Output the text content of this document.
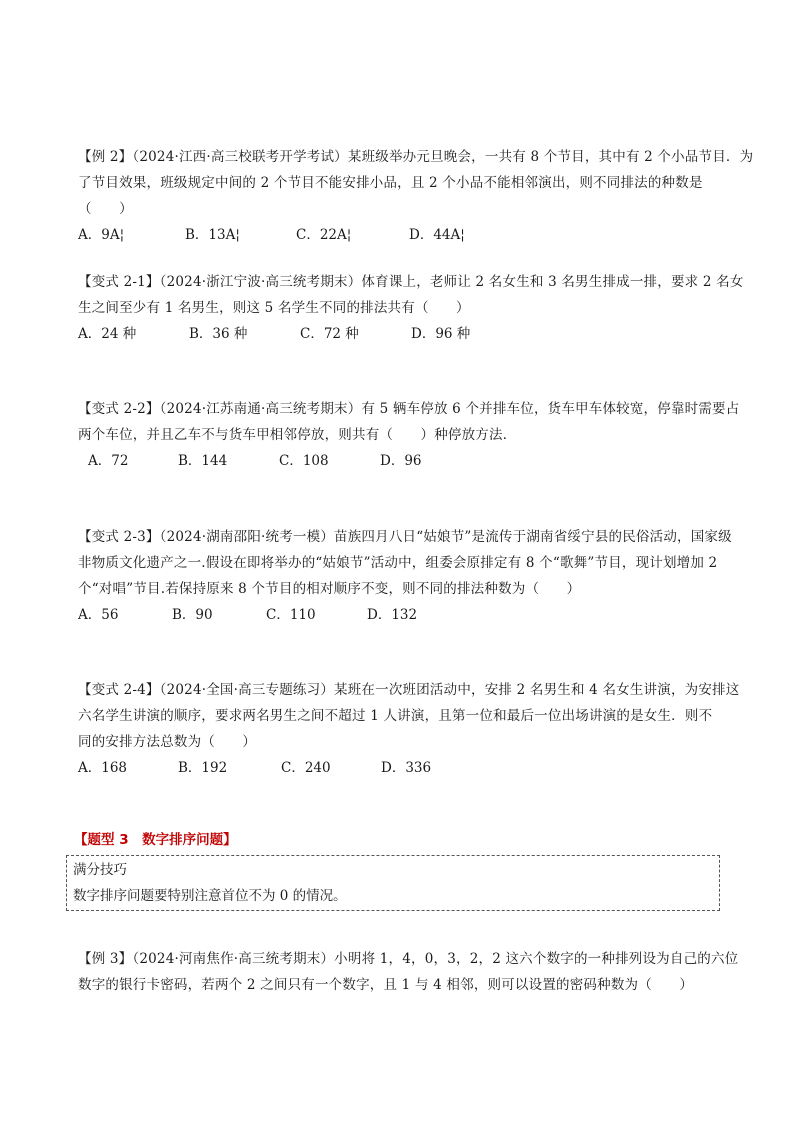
【例 2】（2024·江西·高三校联考开学考试）某班级举办元旦晚会，一共有 8 个节目，其中有 2 个小品节目．为
了节目效果，班级规定中间的 2 个节目不能安排小品，且 2 个小品不能相邻演出，则不同排法的种数是
（　　）
A．9A¦	B．13A¦	C．22A¦	D．44A¦
【变式 2-1】（2024·浙江宁波·高三统考期末）体育课上，老师让 2 名女生和 3 名男生排成一排，要求 2 名女
生之间至少有 1 名男生，则这 5 名学生不同的排法共有（　　）
A．24 种	B．36 种	C．72 种	D．96 种
【变式 2-2】（2024·江苏南通·高三统考期末）有 5 辆车停放 6 个并排车位，货车甲车体较宽，停靠时需要占
两个车位，并且乙车不与货车甲相邻停放，则共有（　　）种停放方法．
A．72	B．144	C．108	D．96
【变式 2-3】（2024·湖南邵阳·统考一模）苗族四月八日“姑娘节”是流传于湖南省绥宁县的民俗活动，国家级
非物质文化遗产之一.假设在即将举办的“姑娘节”活动中，组委会原排定有 8 个“歌舞”节目，现计划增加 2
个“对唱”节目.若保持原来 8 个节目的相对顺序不变，则不同的排法种数为（　　）
A．56	B．90	C．110	D．132
【变式 2-4】（2024·全国·高三专题练习）某班在一次班团活动中，安排 2 名男生和 4 名女生讲演，为安排这
六名学生讲演的顺序，要求两名男生之间不超过 1 人讲演，且第一位和最后一位出场讲演的是女生．则不
同的安排方法总数为（　　）
A．168	B．192	C．240	D．336
【题型 3　数字排序问题】
满分技巧
数字排序问题要特别注意首位不为 0 的情况。
【例 3】（2024·河南焦作·高三统考期末）小明将 1，4，0，3，2，2 这六个数字的一种排列设为自己的六位
数字的银行卡密码，若两个 2 之间只有一个数字，且 1 与 4 相邻，则可以设置的密码种数为（　　）
